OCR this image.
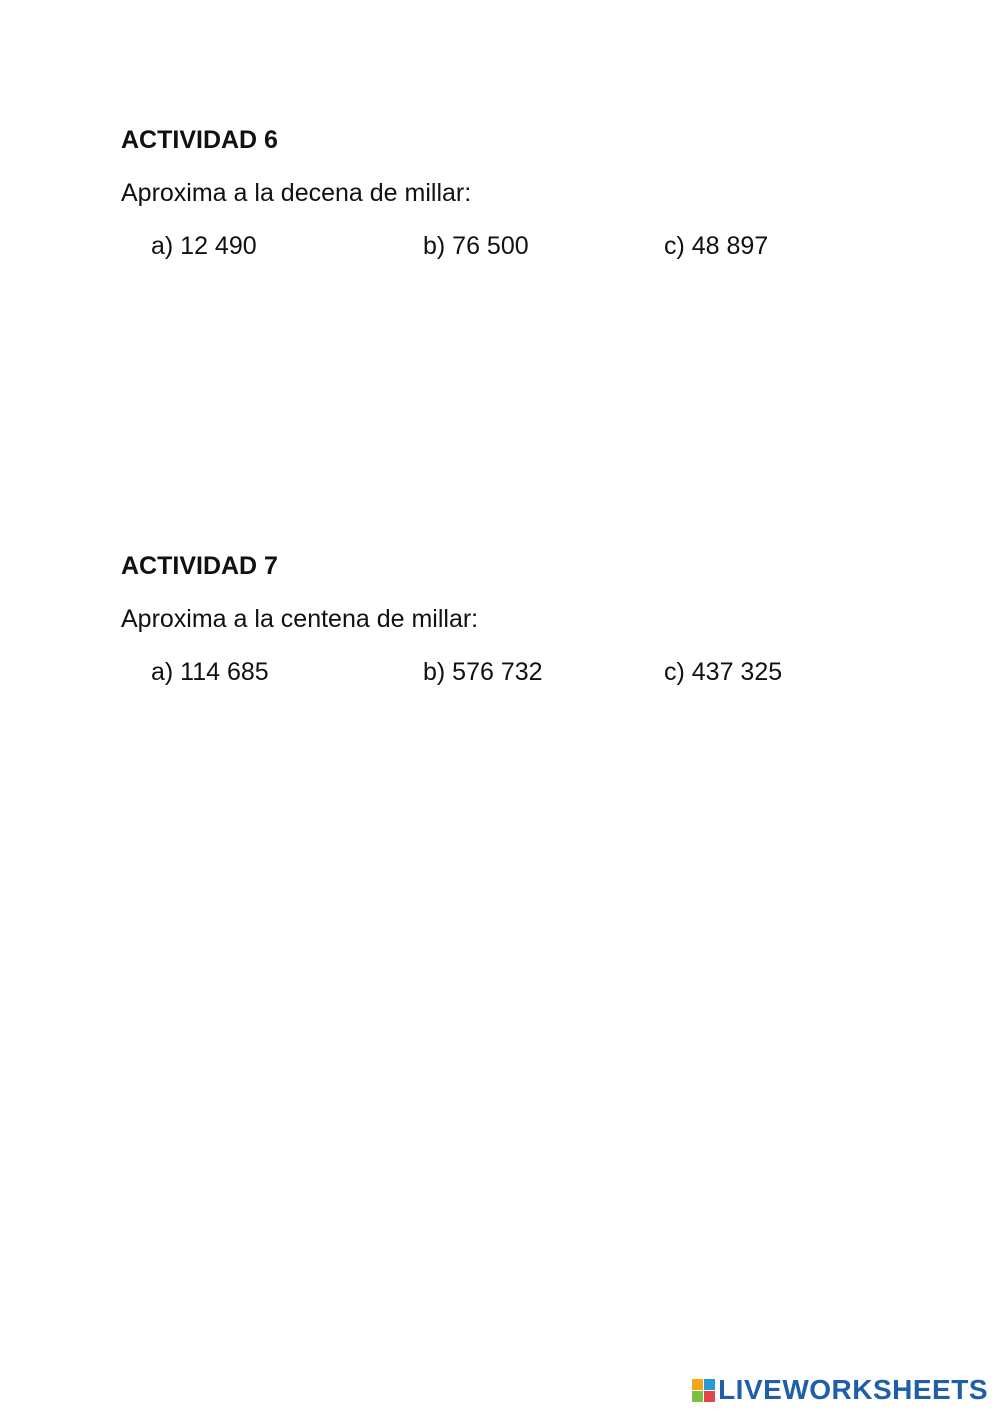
ACTIVIDAD 6
Aproxima a la decena de millar:
a) 12 490	b) 76 500	c) 48 897
ACTIVIDAD 7
Aproxima a la centena de millar:
a) 114 685	b) 576 732	c) 437 325
LIVEWORKSHEETS
